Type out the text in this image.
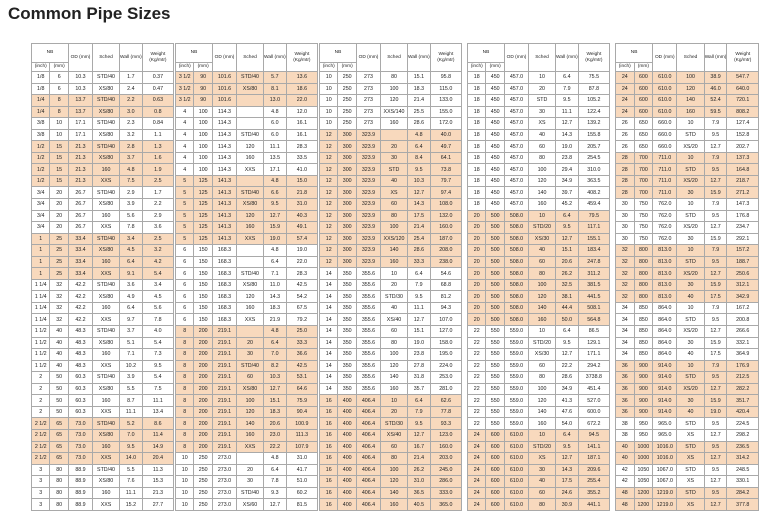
Common Pipe Sizes
NB		OD (mm)	Sched	Wall (mm)	Weight (Kg/mtr)
(inch)	(mm)				
1/8	6	10.3	STD/40	1.7	0.37
1/8	6	10.3	XS/80	2.4	0.47
1/4	8	13.7	STD/40	2.2	0.63
1/4	8	13.7	XS/80	3.0	0.8
3/8	10	17.1	STD/40	2.3	0.84
3/8	10	17.1	XS/80	3.2	1.1
1/2	15	21.3	STD/40	2.8	1.3
1/2	15	21.3	XS/80	3.7	1.6
1/2	15	21.3	160	4.8	1.9
1/2	15	21.3	XXS	7.5	2.5
3/4	20	26.7	STD/40	2.9	1.7
3/4	20	26.7	XS/80	3.9	2.2
3/4	20	26.7	160	5.6	2.9
3/4	20	26.7	XXS	7.8	3.6
1	25	33.4	STD/40	3.4	2.5
1	25	33.4	XS/80	4.5	3.2
1	25	33.4	160	6.4	4.2
1	25	33.4	XXS	9.1	5.4
1 1/4	32	42.2	STD/40	3.6	3.4
1 1/4	32	42.2	XS/80	4.9	4.5
1 1/4	32	42.2	160	6.4	5.6
1 1/4	32	42.2	XXS	9.7	7.8
1 1/2	40	48.3	STD/40	3.7	4.0
1 1/2	40	48.3	XS/80	5.1	5.4
1 1/2	40	48.3	160	7.1	7.3
1 1/2	40	48.3	XXS	10.2	9.5
2	50	60.3	STD/40	3.9	5.4
2	50	60.3	XS/80	5.5	7.5
2	50	60.3	160	8.7	11.1
2	50	60.3	XXS	11.1	13.4
2 1/2	65	73.0	STD/40	5.2	8.6
2 1/2	65	73.0	XS/80	7.0	11.4
2 1/2	65	73.0	160	9.5	14.9
2 1/2	65	73.0	XXS	14.0	20.4
3	80	88.9	STD/40	5.5	11.3
3	80	88.9	XS/80	7.6	15.3
3	80	88.9	160	11.1	21.3
3	80	88.9	XXS	15.2	27.7
NB		OD (mm)	Sched	Wall (mm)	Weight (Kg/mtr)
(inch)	(mm)				
3 1/2	90	101.6	STD/40	5.7	13.6
3 1/2	90	101.6	XS/80	8.1	18.6
3 1/2	90	101.6		13.0	22.0
4	100	114.3		4.8	12.0
4	100	114.3		6.0	16.1
4	100	114.3	STD/40	6.0	16.1
4	100	114.3	120	11.1	28.3
4	100	114.3	160	13.5	33.5
4	100	114.3	XXS	17.1	41.0
5	125	141.3		4.8	15.0
5	125	141.3	STD/40	6.6	21.8
5	125	141.3	XS/80	9.5	31.0
5	125	141.3	120	12.7	40.3
5	125	141.3	160	15.9	49.1
5	125	141.3	XXS	19.0	57.4
6	150	168.3		4.8	19.0
6	150	168.3		6.4	22.0
6	150	168.3	STD/40	7.1	28.3
6	150	168.3	XS/80	11.0	42.5
6	150	168.3	120	14.3	54.2
6	150	168.3	160	18.3	67.5
6	150	168.3	XXS	21.9	79.2
8	200	219.1		4.8	25.0
8	200	219.1	20	6.4	33.3
8	200	219.1	30	7.0	36.6
8	200	219.1	STD/40	8.2	42.5
8	200	219.1	60	10.3	53.1
8	200	219.1	XS/80	12.7	64.6
8	200	219.1	100	15.1	75.9
8	200	219.1	120	18.3	90.4
8	200	219.1	140	20.6	100.9
8	200	219.1	160	23.0	111.3
8	200	219.1	XXS	22.2	107.9
10	250	273.0		4.8	31.0
10	250	273.0	20	6.4	41.7
10	250	273.0	30	7.8	51.0
10	250	273.0	STD/40	9.3	60.2
10	250	273.0	XS/60	12.7	81.5
NB		OD (mm)	Sched	Wall (mm)	Weight (Kg/mtr)
(inch)	(mm)				
10	250	273	80	15.1	95.8
10	250	273	100	18.3	115.0
10	250	273	120	21.4	133.0
10	250	273	XXS/140	25.5	155.0
10	250	273	160	28.6	172.0
12	300	323.9		4.8	40.0
12	300	323.9	20	6.4	49.7
12	300	323.9	30	8.4	64.1
12	300	323.9	STD	9.5	73.8
12	300	323.9	40	10.3	79.7
12	300	323.9	XS	12.7	97.4
12	300	323.9	60	14.3	108.0
12	300	323.9	80	17.5	132.0
12	300	323.9	100	21.4	160.0
12	300	323.9	XXS/120	25.4	187.0
12	300	323.9	140	28.6	208.0
12	300	323.9	160	33.3	238.0
14	350	355.6	10	6.4	54.6
14	350	355.6	20	7.9	68.8
14	350	355.6	STD/30	9.5	81.2
14	350	355.6	40	11.1	94.3
14	350	355.6	XS/40	12.7	107.0
14	350	355.6	60	15.1	127.0
14	350	355.6	80	19.0	158.0
14	350	355.6	100	23.8	195.0
14	350	355.6	120	27.8	224.0
14	350	355.6	140	31.8	253.0
14	350	355.6	160	35.7	281.0
16	400	406.4	10	6.4	62.6
16	400	406.4	20	7.9	77.8
16	400	406.4	STD/30	9.5	93.3
16	400	406.4	XS/40	12.7	123.0
16	400	406.4	60	16.7	160.0
16	400	406.4	80	21.4	203.0
16	400	406.4	100	26.2	245.0
16	400	406.4	120	31.0	286.0
16	400	406.4	140	36.5	333.0
16	400	406.4	160	40.5	365.0
NB		OD (mm)	Sched	Wall (mm)	Weight (Kg/mtr)
(inch)	(mm)				
18	450	457.0	10	6.4	75.5
18	450	457.0	20	7.9	87.8
18	450	457.0	STD	9.5	105.2
18	450	457.0	30	11.1	122.4
18	450	457.0	XS	12.7	139.2
18	450	457.0	40	14.3	155.8
18	450	457.0	60	19.0	205.7
18	450	457.0	80	23.8	254.5
18	450	457.0	100	29.4	310.0
18	450	457.0	120	34.9	363.5
18	450	457.0	140	39.7	408.2
18	450	457.0	160	45.2	459.4
20	500	508.0	10	6.4	79.5
20	500	508.0	STD/20	9.5	117.1
20	500	508.0	XS/30	12.7	155.1
20	500	508.0	40	15.1	183.4
20	500	508.0	60	20.6	247.8
20	500	508.0	80	26.2	311.2
20	500	508.0	100	32.5	381.5
20	500	508.0	120	38.1	441.5
20	500	508.0	140	44.4	508.1
20	500	508.0	160	50.0	564.8
22	550	559.0	10	6.4	86.5
22	550	559.0	STD/20	9.5	129.1
22	550	559.0	XS/30	12.7	171.1
22	550	559.0	60	22.2	294.2
22	550	559.0	80	28.6	3738.8
22	550	559.0	100	34.9	451.4
22	550	559.0	120	41.3	527.0
22	550	559.0	140	47.6	600.0
22	550	559.0	160	54.0	672.2
24	600	610.0	10	6.4	94.5
24	600	610.0	STD/20	9.5	141.1
24	600	610.0	XS	12.7	187.1
24	600	610.0	30	14.3	209.6
24	600	610.0	40	17.5	255.4
24	600	610.0	60	24.6	355.2
24	600	610.0	80	30.9	441.1
NB		OD (mm)	Sched	Wall (mm)	Weight (Kg/mtr)
(inch)	(mm)				
24	600	610.0	100	38.9	547.7
24	600	610.0	120	46.0	640.0
24	600	610.0	140	52.4	720.1
24	600	610.0	160	59.5	808.2
26	650	660.0	10	7.9	127.4
26	650	660.0	STD	9.5	152.8
26	650	660.0	XS/20	12.7	202.7
28	700	711.0	10	7.9	137.3
28	700	711.0	STD	9.5	164.8
28	700	711.0	XS/20	12.7	218.7
28	700	711.0	30	15.9	271.2
30	750	762.0	10	7.9	147.3
30	750	762.0	STD	9.5	176.8
30	750	762.0	XS/20	12.7	234.7
30	750	762.0	30	15.9	292.1
32	800	813.0	10	7.9	157.2
32	800	813.0	STD	9.5	188.7
32	800	813.0	XS/20	12.7	250.6
32	800	813.0	30	15.9	312.1
32	800	813.0	40	17.5	342.9
34	850	864.0	10	7.9	167.2
34	850	864.0	STD	9.5	200.8
34	850	864.0	XS/20	12.7	266.6
34	850	864.0	30	15.9	332.1
34	850	864.0	40	17.5	364.9
36	900	914.0	10	7.9	176.9
36	900	914.0	STD	9.5	212.5
36	900	914.0	XS/20	12.7	282.2
36	900	914.0	30	15.9	351.7
36	900	914.0	40	19.0	420.4
38	950	965.0	STD	9.5	224.5
38	950	965.0	XS	12.7	298.2
40	1000	1016.0	STD	9.5	236.5
40	1000	1016.0	XS	12.7	314.2
42	1050	1067.0	STD	9.5	248.5
42	1050	1067.0	XS	12.7	330.1
48	1200	1219.0	STD	9.5	284.2
48	1200	1219.0	XS	12.7	377.8
